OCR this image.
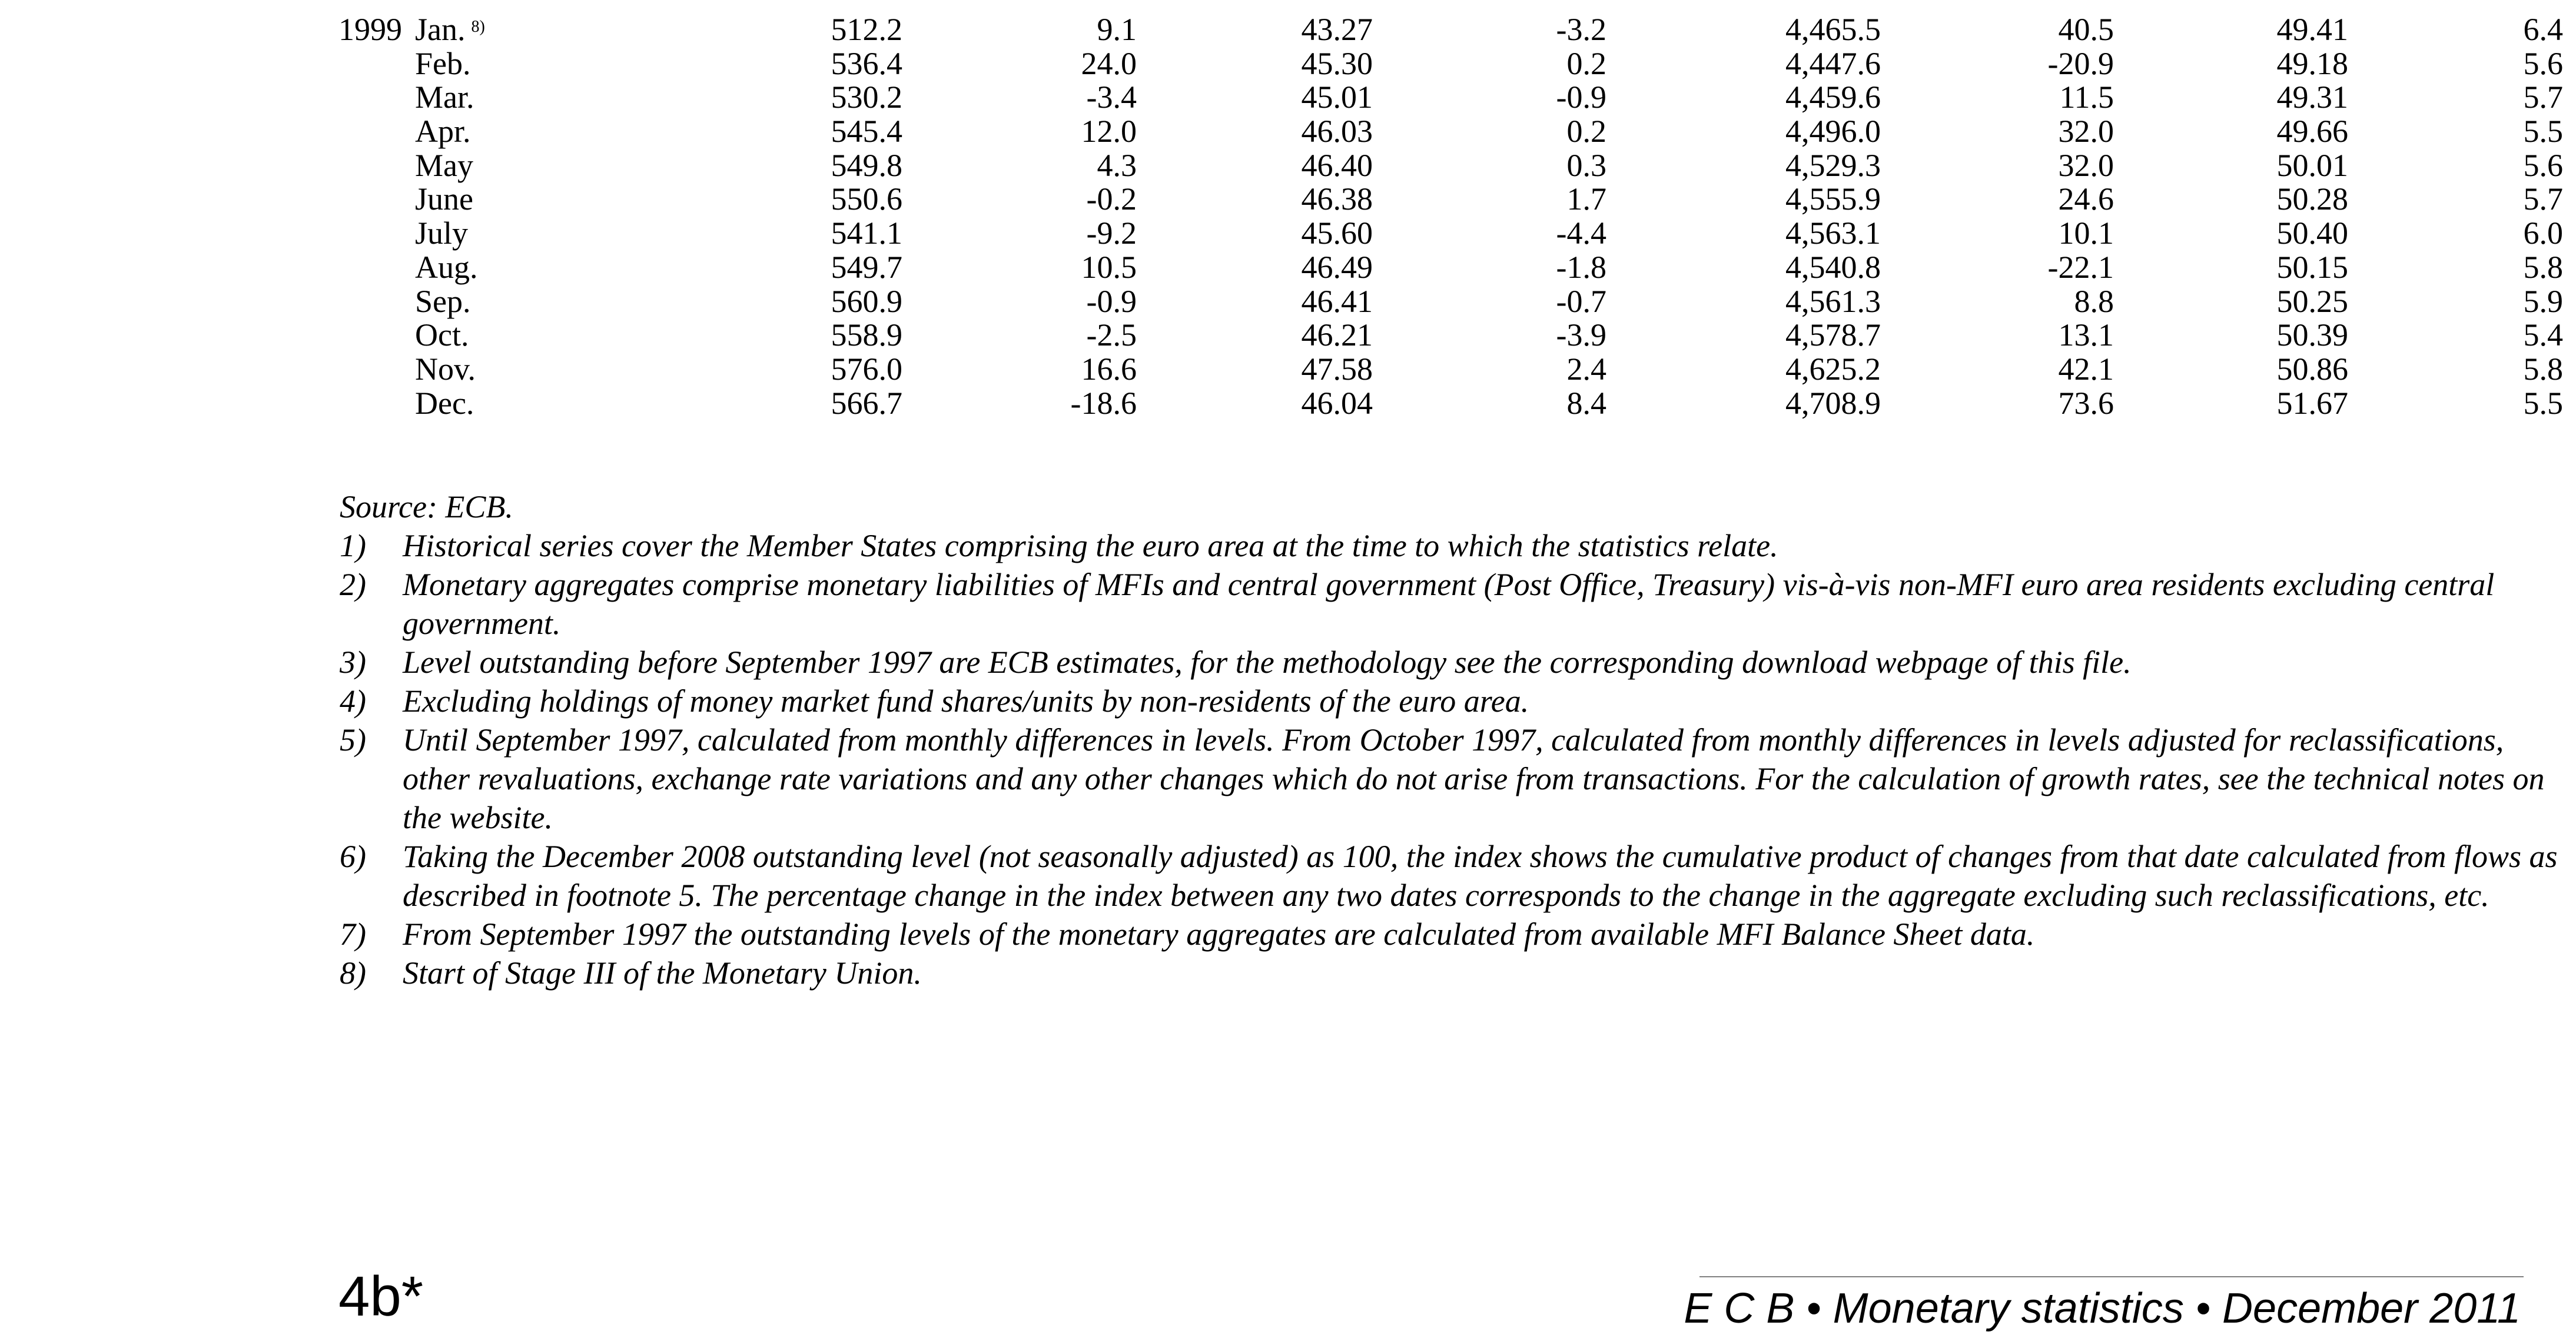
1999 Jan. $^{8)}$	512.2	9.1	43.27	-3.2	4,465.5	40.5	49.41	6.4
Feb.	536.4	24.0	45.30	0.2	4,447.6	-20.9	49.18	5.6
Mar.	530.2	-3.4	45.01	-0.9	4,459.6	11.5	49.31	5.7
Apr.	545.4	12.0	46.03	0.2	4,496.0	32.0	49.66	5.5
May	549.8	4.3	46.40	0.3	4,529.3	32.0	50.01	5.6
June	550.6	-0.2	46.38	1.7	4,555.9	24.6	50.28	5.7
July	541.1	-9.2	45.60	-4.4	4,563.1	10.1	50.40	6.0
Aug.	549.7	10.5	46.49	-1.8	4,540.8	-22.1	50.15	5.8
Sep.	560.9	-0.9	46.41	-0.7	4,561.3	8.8	50.25	5.9
Oct.	558.9	-2.5	46.21	-3.9	4,578.7	13.1	50.39	5.4
Nov.	576.0	16.6	47.58	2.4	4,625.2	42.1	50.86	5.8
Dec.	566.7	-18.6	46.04	8.4	4,708.9	73.6	51.67	5.5
Source: ECB.
1) Historical series cover the Member States comprising the euro area at the time to which the statistics relate.
2) Monetary aggregates comprise monetary liabilities of MFIs and central government (Post Office, Treasury) vis-à-vis non-MFI euro area residents excluding central government.
3) Level outstanding before September 1997 are ECB estimates, for the methodology see the corresponding download webpage of this file.
4) Excluding holdings of money market fund shares/units by non-residents of the euro area.
5) Until September 1997, calculated from monthly differences in levels. From October 1997, calculated from monthly differences in levels adjusted for reclassifications, other revaluations, exchange rate variations and any other changes which do not arise from transactions. For the calculation of growth rates, see the technical notes on the website.
6) Taking the December 2008 outstanding level (not seasonally adjusted) as 100, the index shows the cumulative product of changes from that date calculated from flows as described in footnote 5. The percentage change in the index between any two dates corresponds to the change in the aggregate excluding such reclassifications, etc.
7) From September 1997 the outstanding levels of the monetary aggregates are calculated from available MFI Balance Sheet data.
8) Start of Stage III of the Monetary Union.
4b*	E C B • Monetary statistics • December 2011
